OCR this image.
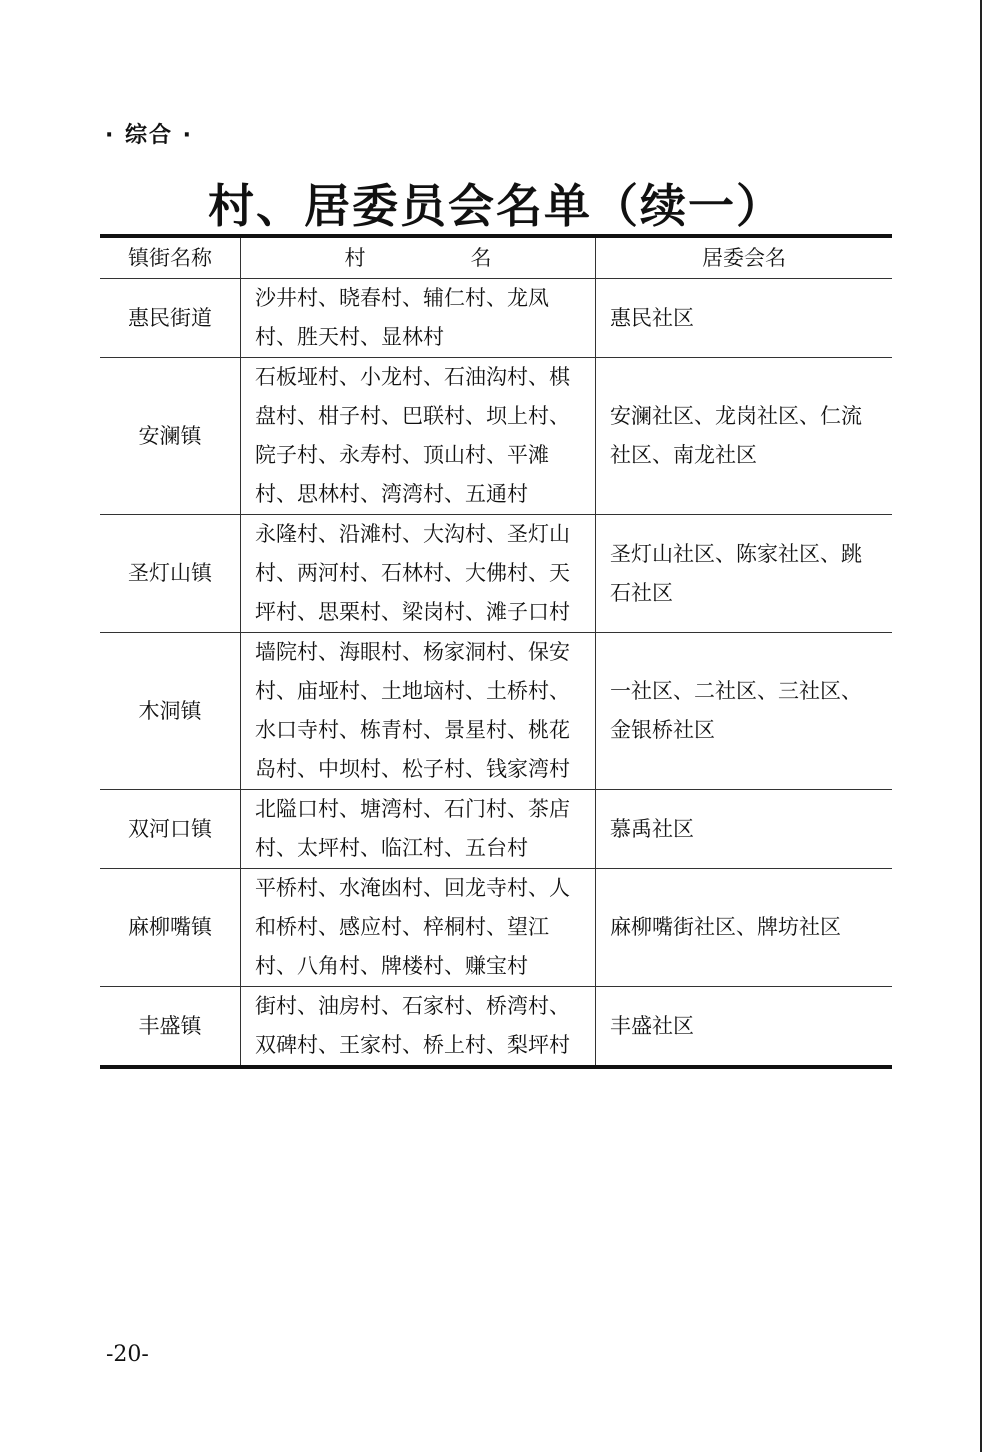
· 综合 ·
村、居委员会名单（续一）
镇街名称	村　　　　　名	居委会名
惠民街道	沙井村、晓春村、辅仁村、龙凤村、胜天村、显林村	惠民社区
安澜镇	石板垭村、小龙村、石油沟村、棋盘村、柑子村、巴联村、坝上村、院子村、永寿村、顶山村、平滩村、思林村、湾湾村、五通村	安澜社区、龙岗社区、仁流社区、南龙社区
圣灯山镇	永隆村、沿滩村、大沟村、圣灯山村、两河村、石林村、大佛村、天坪村、思栗村、梁岗村、滩子口村	圣灯山社区、陈家社区、跳石社区
木洞镇	墙院村、海眼村、杨家洞村、保安村、庙垭村、土地垴村、土桥村、水口寺村、栋青村、景星村、桃花岛村、中坝村、松子村、钱家湾村	一社区、二社区、三社区、金银桥社区
双河口镇	北隘口村、塘湾村、石门村、茶店村、太坪村、临江村、五台村	慕禹社区
麻柳嘴镇	平桥村、水淹凼村、回龙寺村、人和桥村、感应村、梓桐村、望江村、八角村、牌楼村、赚宝村	麻柳嘴街社区、牌坊社区
丰盛镇	街村、油房村、石家村、桥湾村、双碑村、王家村、桥上村、梨坪村	丰盛社区
-20-
